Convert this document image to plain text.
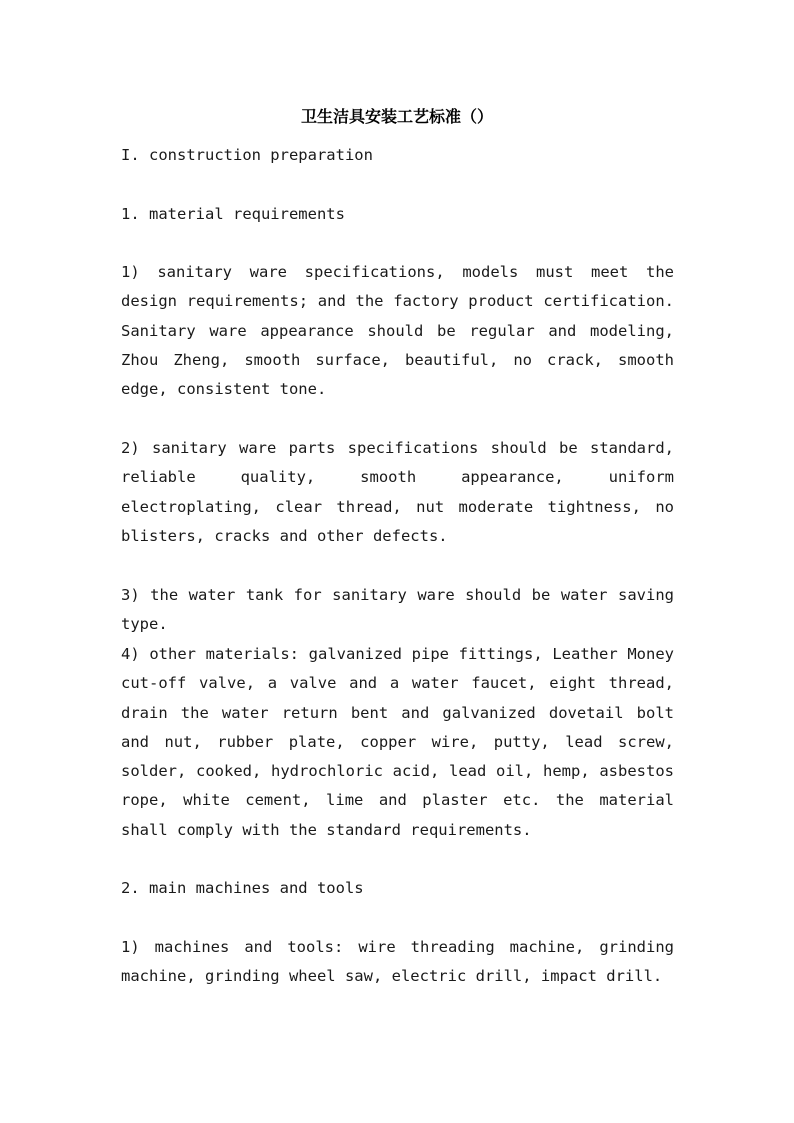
卫生洁具安装工艺标准（）

I. construction preparation

1. material requirements

1) sanitary ware specifications, models must meet the design requirements; and the factory product certification. Sanitary ware appearance should be regular and modeling, Zhou Zheng, smooth surface, beautiful, no crack, smooth edge, consistent tone.

2) sanitary ware parts specifications should be standard, reliable quality, smooth appearance, uniform electroplating, clear thread, nut moderate tightness, no blisters, cracks and other defects.

3) the water tank for sanitary ware should be water saving type.

4) other materials: galvanized pipe fittings, Leather Money cut-off valve, a valve and a water faucet, eight thread, drain the water return bent and galvanized dovetail bolt and nut, rubber plate, copper wire, putty, lead screw, solder, cooked, hydrochloric acid, lead oil, hemp, asbestos rope, white cement, lime and plaster etc. the material shall comply with the standard requirements.

2. main machines and tools

1) machines and tools: wire threading machine, grinding machine, grinding wheel saw, electric drill, impact drill.
